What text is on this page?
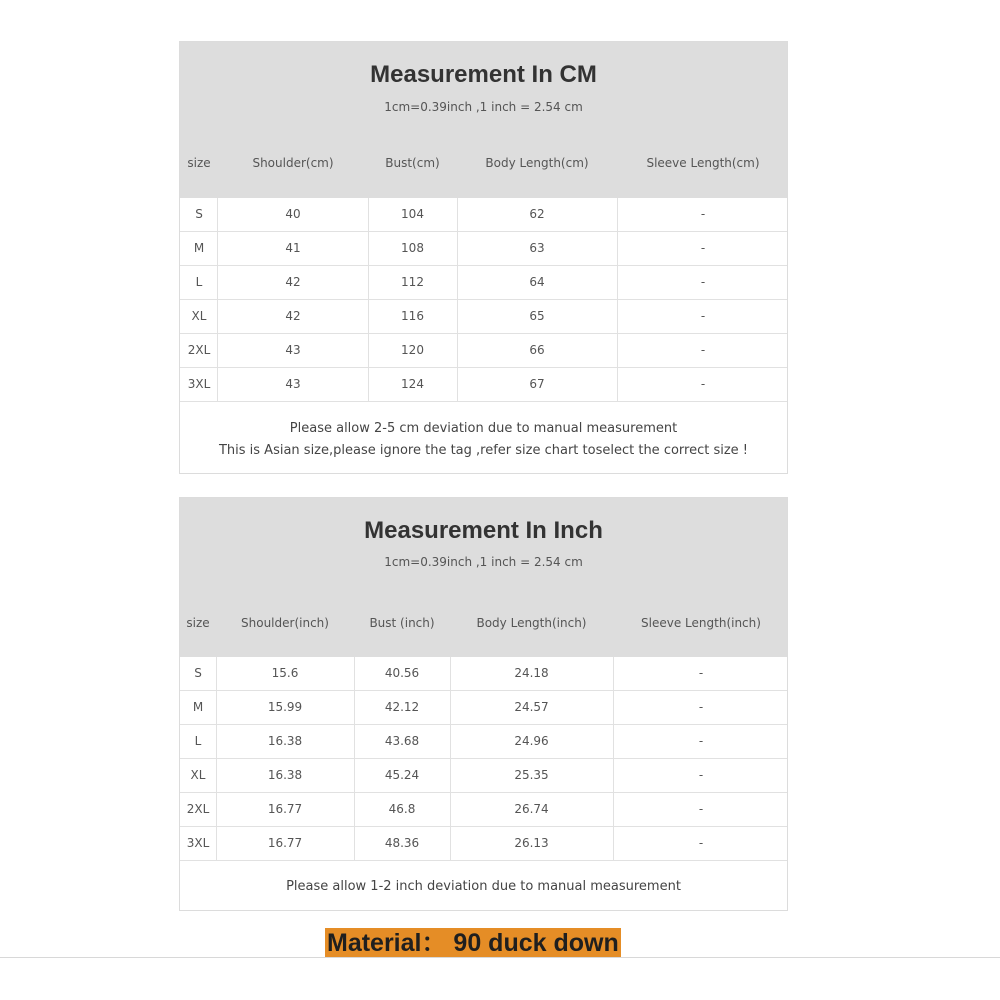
Measurement In CM
1cm=0.39inch ,1 inch = 2.54 cm
size	Shoulder(cm)	Bust(cm)	Body Length(cm)	Sleeve Length(cm)
S	40	104	62	-
M	41	108	63	-
L	42	112	64	-
XL	42	116	65	-
2XL	43	120	66	-
3XL	43	124	67	-
Please allow 2-5 cm deviation due to manual measurement
This is Asian size,please ignore the tag ,refer size chart toselect the correct size !
Measurement In Inch
1cm=0.39inch ,1 inch = 2.54 cm
size	Shoulder(inch)	Bust (inch)	Body Length(inch)	Sleeve Length(inch)
S	15.6	40.56	24.18	-
M	15.99	42.12	24.57	-
L	16.38	43.68	24.96	-
XL	16.38	45.24	25.35	-
2XL	16.77	46.8	26.74	-
3XL	16.77	48.36	26.13	-
Please allow 1-2 inch deviation due to manual measurement
Material： 90 duck down
